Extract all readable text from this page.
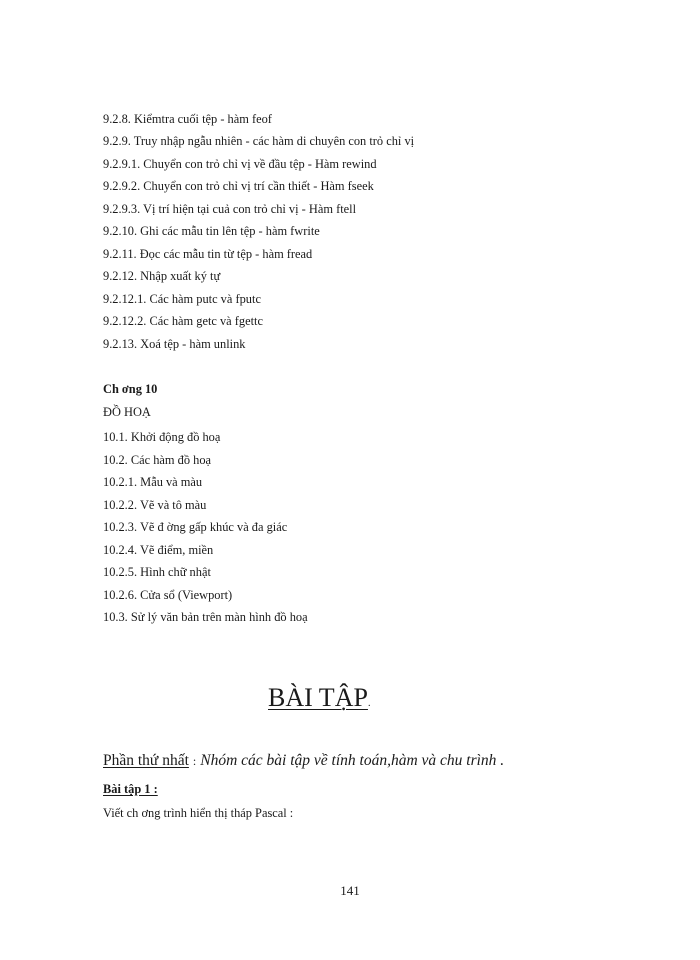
9.2.8. Kiểmtra cuối tệp - hàm feof
9.2.9. Truy nhập ngẫu nhiên - các hàm di chuyên con trỏ chỉ vị
9.2.9.1. Chuyển con trỏ chỉ vị về đầu tệp - Hàm rewind
9.2.9.2. Chuyển con trỏ chỉ vị trí cần thiết - Hàm fseek
9.2.9.3. Vị trí hiện tại cuả con trỏ chỉ vị - Hàm ftell
9.2.10. Ghi các mẫu tin lên tệp - hàm fwrite
9.2.11. Đọc các mẫu tin từ tệp - hàm fread
9.2.12. Nhập xuất ký tự
9.2.12.1. Các hàm putc và fputc
9.2.12.2. Các hàm getc và fgettc
9.2.13. Xoá tệp - hàm unlink
Ch ơng 10
ĐỒ HOẠ
10.1. Khởi động đồ hoạ
10.2. Các hàm đồ hoạ
10.2.1. Mẫu và màu
10.2.2. Vẽ và tô màu
10.2.3. Vẽ đ ờng gấp khúc và đa giác
10.2.4. Vẽ điểm, miền
10.2.5. Hình chữ nhật
10.2.6. Cửa sổ (Viewport)
10.3. Sử lý văn bản trên màn hình đồ hoạ
BÀI TẬP.
Phần thứ nhất : Nhóm các bài tập về tính toán,hàm và chu trình .
Bài tập 1 :
Viết ch ơng trình hiển thị tháp Pascal :
141
